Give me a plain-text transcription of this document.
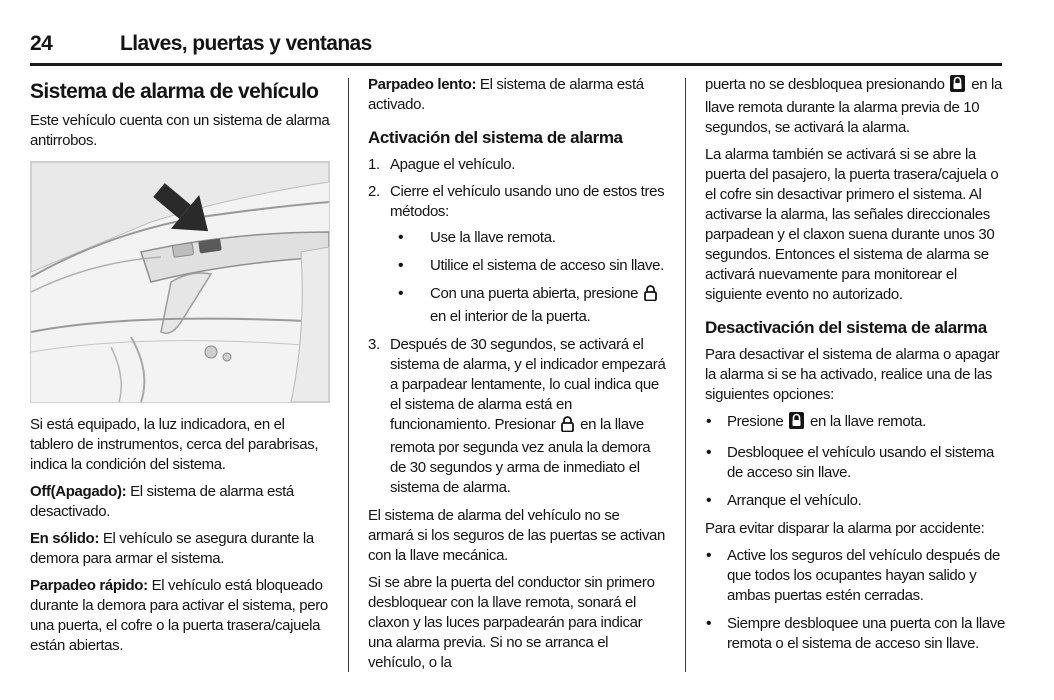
24	Llaves, puertas y ventanas
Sistema de alarma de vehículo

Este vehículo cuenta con un sistema de alarma antirrobos.

Si está equipado, la luz indicadora, en el tablero de instrumentos, cerca del parabrisas, indica la condición del sistema.

Off(Apagado): El sistema de alarma está desactivado.

En sólido: El vehículo se asegura durante la demora para armar el sistema.

Parpadeo rápido: El vehículo está bloqueado durante la demora para activar el sistema, pero una puerta, el cofre o la puerta trasera/cajuela están abiertas.

Parpadeo lento: El sistema de alarma está activado.

Activación del sistema de alarma
1. Apague el vehículo.
2. Cierre el vehículo usando uno de estos tres métodos:
• Use la llave remota.
• Utilice el sistema de acceso sin llave.
• Con una puerta abierta, presione  en el interior de la puerta.
3. Después de 30 segundos, se activará el sistema de alarma, y el indicador empezará a parpadear lentamente, lo cual indica que el sistema de alarma está en funcionamiento. Presionar  en la llave remota por segunda vez anula la demora de 30 segundos y arma de inmediato el sistema de alarma.

El sistema de alarma del vehículo no se armará si los seguros de las puertas se activan con la llave mecánica.

Si se abre la puerta del conductor sin primero desbloquear con la llave remota, sonará el claxon y las luces parpadearán para indicar una alarma previa. Si no se arranca el vehículo, o la

puerta no se desbloquea presionando  en la llave remota durante la alarma previa de 10 segundos, se activará la alarma.

La alarma también se activará si se abre la puerta del pasajero, la puerta trasera/cajuela o el cofre sin desactivar primero el sistema. Al activarse la alarma, las señales direccionales parpadean y el claxon suena durante unos 30 segundos. Entonces el sistema de alarma se activará nuevamente para monitorear el siguiente evento no autorizado.

Desactivación del sistema de alarma

Para desactivar el sistema de alarma o apagar la alarma si se ha activado, realice una de las siguientes opciones:

• Presione  en la llave remota.
• Desbloquee el vehículo usando el sistema de acceso sin llave.
• Arranque el vehículo.

Para evitar disparar la alarma por accidente:

• Active los seguros del vehículo después de que todos los ocupantes hayan salido y ambas puertas estén cerradas.
• Siempre desbloquee una puerta con la llave remota o el sistema de acceso sin llave.
